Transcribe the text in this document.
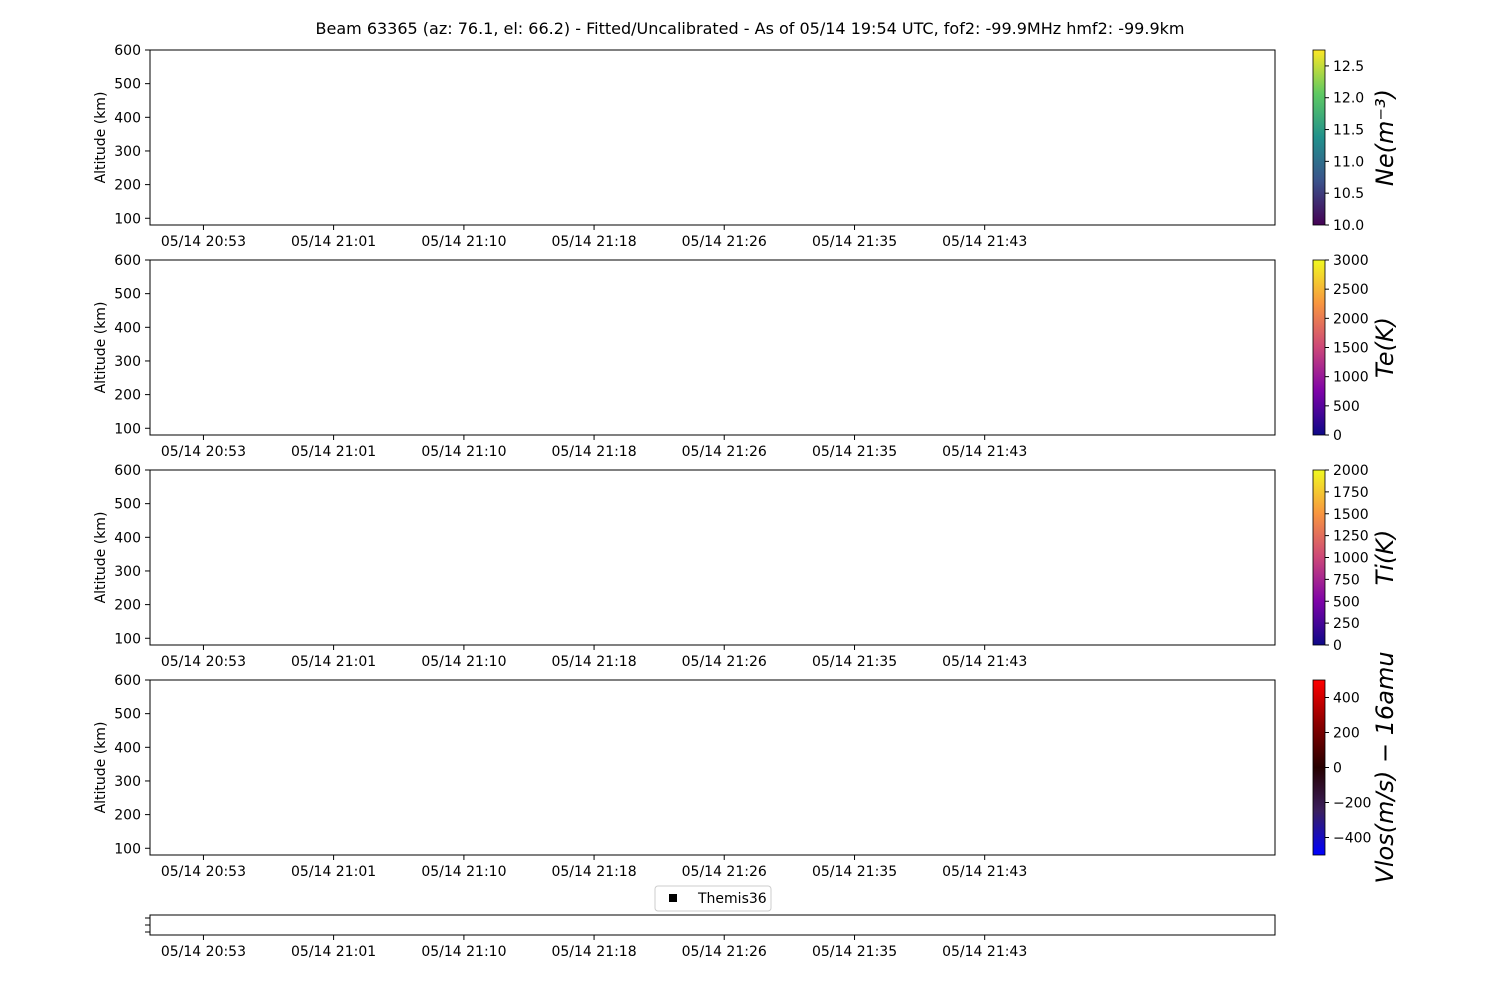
Beam 63365 (az: 76.1, el: 66.2) - Fitted/Uncalibrated - As of 05/14 19:54 UTC, fof2: -99.9MHz hmf2: -99.9km
100
200
300
400
500
600
Altitude (km)
05/14 20:53	05/14 21:01	05/14 21:10	05/14 21:18	05/14 21:26	05/14 21:35	05/14 21:43
10.0
10.5
11.0
11.5
12.0
12.5
Ne(m⁻³)
100
200
300
400
500
600
Altitude (km)
05/14 20:53	05/14 21:01	05/14 21:10	05/14 21:18	05/14 21:26	05/14 21:35	05/14 21:43
0
500
1000
1500
2000
2500
3000
Te(K)
100
200
300
400
500
600
Altitude (km)
05/14 20:53	05/14 21:01	05/14 21:10	05/14 21:18	05/14 21:26	05/14 21:35	05/14 21:43
0
250
500
750
1000
1250
1500
1750
2000
Ti(K)
100
200
300
400
500
600
Altitude (km)
05/14 20:53	05/14 21:01	05/14 21:10	05/14 21:18	05/14 21:26	05/14 21:35	05/14 21:43
−400
−200
0
200
400 Vlos(m/s) − 16amu
Themis36
05/14 20:53	05/14 21:01	05/14 21:10	05/14 21:18	05/14 21:26	05/14 21:35	05/14 21:43
